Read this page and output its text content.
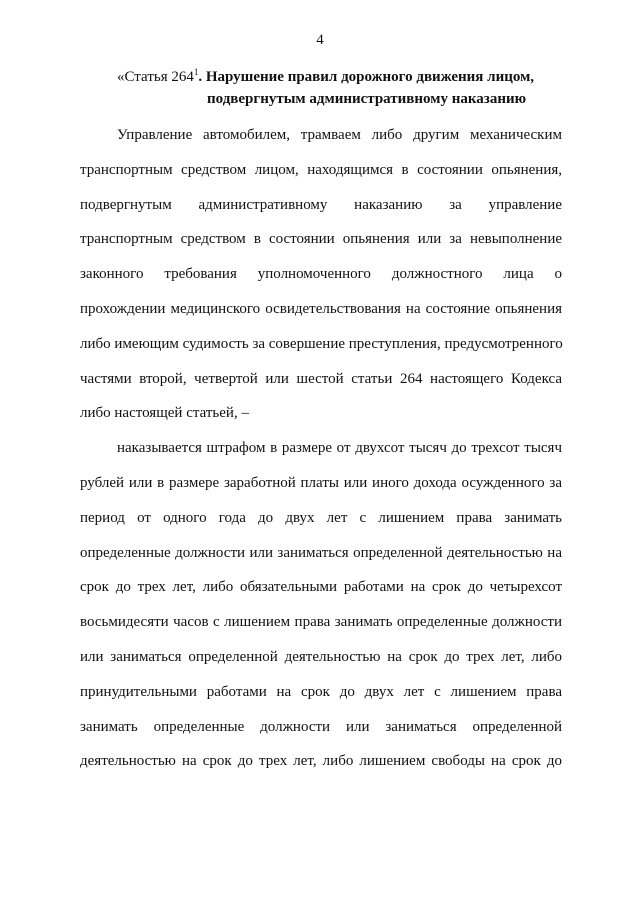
4
«Статья $264^1$. Нарушение правил дорожного движения лицом,
подвергнутым административному наказанию
Управление автомобилем, трамваем либо другим механическим
транспортным средством лицом, находящимся в состоянии опьянения,
подвергнутым административному наказанию за управление
транспортным средством в состоянии опьянения или за невыполнение
законного требования уполномоченного должностного лица о
прохождении медицинского освидетельствования на состояние опьянения
либо имеющим судимость за совершение преступления, предусмотренного
частями второй, четвертой или шестой статьи 264 настоящего Кодекса
либо настоящей статьей, –
наказывается штрафом в размере от двухсот тысяч до трехсот тысяч
рублей или в размере заработной платы или иного дохода осужденного за
период от одного года до двух лет с лишением права занимать
определенные должности или заниматься определенной деятельностью на
срок до трех лет, либо обязательными работами на срок до четырехсот
восьмидесяти часов с лишением права занимать определенные должности
или заниматься определенной деятельностью на срок до трех лет, либо
принудительными работами на срок до двух лет с лишением права
занимать определенные должности или заниматься определенной
деятельностью на срок до трех лет, либо лишением свободы на срок до
